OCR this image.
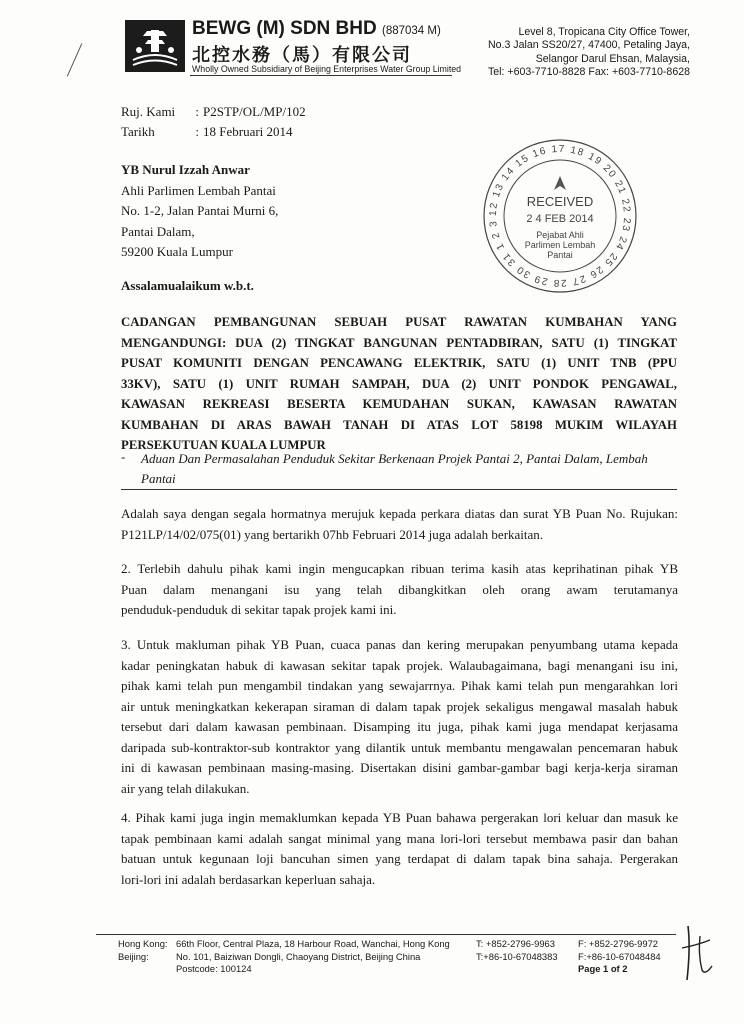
BEWG (M) SDN BHD (887034 M)
北控水務（馬）有限公司
Wholly Owned Subsidiary of Beijing Enterprises Water Group Limited
Level 8, Tropicana City Office Tower,
No.3 Jalan SS20/27, 47400, Petaling Jaya,
Selangor Darul Ehsan, Malaysia,
Tel: +603-7710-8828 Fax: +603-7710-8628
Ruj. Kami : P2STP/OL/MP/102
Tarikh	: 18 Februari 2014
YB Nurul Izzah Anwar
Ahli Parlimen Lembah Pantai
No. 1-2, Jalan Pantai Murni 6,
Pantai Dalam,
59200 Kuala Lumpur
12 13 14 15 16 17 18 19 20 21 22 23 24 25 26 27 28 29 30 31 1 2 3
RECEIVED
2 4 FEB 2014
Pejabat Ahli
Parlimen Lembah
Pantai
Assalamualaikum w.b.t.
CADANGAN PEMBANGUNAN SEBUAH PUSAT RAWATAN KUMBAHAN YANG
MENGANDUNGI: DUA (2) TINGKAT BANGUNAN PENTADBIRAN, SATU (1) TINGKAT
PUSAT KOMUNITI DENGAN PENCAWANG ELEKTRIK, SATU (1) UNIT TNB (PPU
33KV), SATU (1) UNIT RUMAH SAMPAH, DUA (2) UNIT PONDOK PENGAWAL,
KAWASAN REKREASI BESERTA KEMUDAHAN SUKAN, KAWASAN RAWATAN
KUMBAHAN DI ARAS BAWAH TANAH DI ATAS LOT 58198 MUKIM WILAYAH
PERSEKUTUAN KUALA LUMPUR
- Aduan Dan Permasalahan Penduduk Sekitar Berkenaan Projek Pantai 2, Pantai Dalam, Lembah
Pantai
Adalah saya dengan segala hormatnya merujuk kepada perkara diatas dan surat YB Puan No. Rujukan:
P121LP/14/02/075(01) yang bertarikh 07hb Februari 2014 juga adalah berkaitan.
2. Terlebih dahulu pihak kami ingin mengucapkan ribuan terima kasih atas keprihatinan pihak YB
Puan dalam menangani isu yang telah dibangkitkan oleh orang awam terutamanya
penduduk-penduduk di sekitar tapak projek kami ini.
3. Untuk makluman pihak YB Puan, cuaca panas dan kering merupakan penyumbang utama kepada
kadar peningkatan habuk di kawasan sekitar tapak projek. Walaubagaimana, bagi menangani isu ini,
pihak kami telah pun mengambil tindakan yang sewajarrnya. Pihak kami telah pun mengarahkan lori
air untuk meningkatkan kekerapan siraman di dalam tapak projek sekaligus mengawal masalah habuk
tersebut dari dalam kawasan pembinaan. Disamping itu juga, pihak kami juga mendapat kerjasama
daripada sub-kontraktor-sub kontraktor yang dilantik untuk membantu mengawalan pencemaran habuk
ini di kawasan pembinaan masing-masing. Disertakan disini gambar-gambar bagi kerja-kerja siraman
air yang telah dilakukan.
4. Pihak kami juga ingin memaklumkan kepada YB Puan bahawa pergerakan lori keluar dan masuk ke
tapak pembinaan kami adalah sangat minimal yang mana lori-lori tersebut membawa pasir dan bahan
batuan untuk kegunaan loji bancuhan simen yang terdapat di dalam tapak bina sahaja. Pergerakan
lori-lori ini adalah berdasarkan keperluan sahaja.
Hong Kong:
Beijing:
66th Floor, Central Plaza, 18 Harbour Road, Wanchai, Hong Kong
No. 101, Baiziwan Dongli, Chaoyang District, Beijing China
Postcode: 100124
T: +852-2796-9963
T:+86-10-67048383
F: +852-2796-9972
F:+86-10-67048484
Page 1 of 2
